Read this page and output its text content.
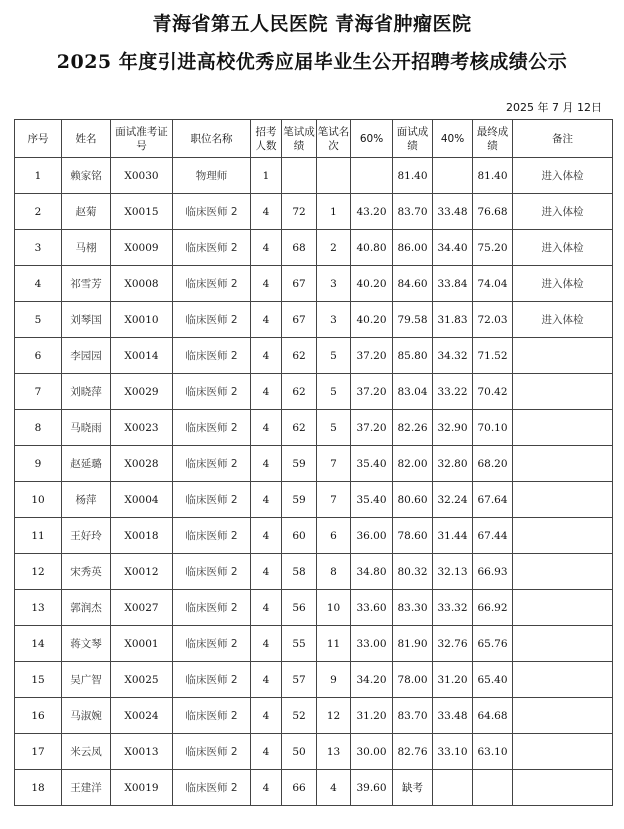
青海省第五人民医院 青海省肿瘤医院
2025 年度引进高校优秀应届毕业生公开招聘考核成绩公示
2025 年 7 月 12日
序号	姓名	面试准考证号	职位名称	招考人数	笔试成绩	笔试名次	60%	面试成绩	40%	最终成绩	备注
1	赖家铭	X0030	物理师	1				81.40		81.40	进入体检
2	赵菊	X0015	临床医师 2	4	72	1	43.20	83.70	33.48	76.68	进入体检
3	马栩	X0009	临床医师 2	4	68	2	40.80	86.00	34.40	75.20	进入体检
4	祁雪芳	X0008	临床医师 2	4	67	3	40.20	84.60	33.84	74.04	进入体检
5	刘琴国	X0010	临床医师 2	4	67	3	40.20	79.58	31.83	72.03	进入体检
6	李园园	X0014	临床医师 2	4	62	5	37.20	85.80	34.32	71.52	
7	刘晓萍	X0029	临床医师 2	4	62	5	37.20	83.04	33.22	70.42	
8	马晓雨	X0023	临床医师 2	4	62	5	37.20	82.26	32.90	70.10	
9	赵延璐	X0028	临床医师 2	4	59	7	35.40	82.00	32.80	68.20	
10	杨萍	X0004	临床医师 2	4	59	7	35.40	80.60	32.24	67.64	
11	王好玲	X0018	临床医师 2	4	60	6	36.00	78.60	31.44	67.44	
12	宋秀英	X0012	临床医师 2	4	58	8	34.80	80.32	32.13	66.93	
13	郭润杰	X0027	临床医师 2	4	56	10	33.60	83.30	33.32	66.92	
14	蒋文琴	X0001	临床医师 2	4	55	11	33.00	81.90	32.76	65.76	
15	吴广智	X0025	临床医师 2	4	57	9	34.20	78.00	31.20	65.40	
16	马淑婉	X0024	临床医师 2	4	52	12	31.20	83.70	33.48	64.68	
17	米云凤	X0013	临床医师 2	4	50	13	30.00	82.76	33.10	63.10	
18	王建洋	X0019	临床医师 2	4	66	4	39.60	缺考			
